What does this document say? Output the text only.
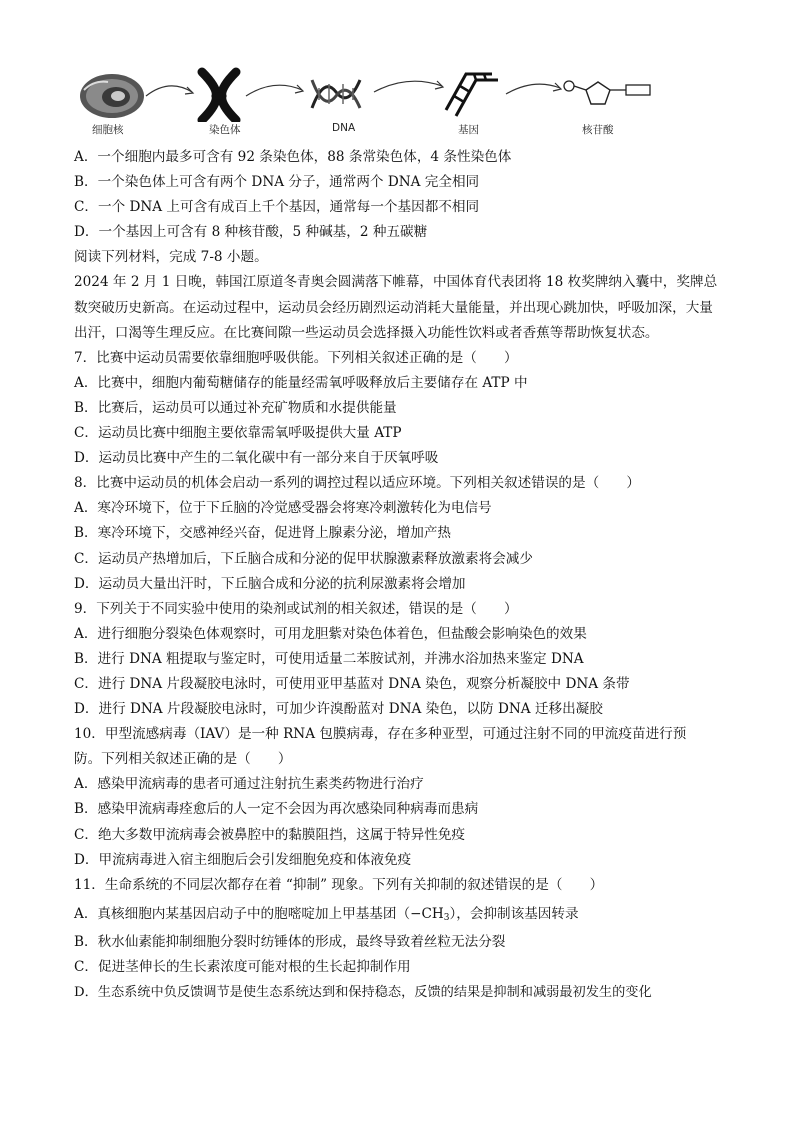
细胞核	染色体	DNA	基因	核苷酸
A．一个细胞内最多可含有 92 条染色体，88 条常染色体，4 条性染色体
B．一个染色体上可含有两个 DNA 分子，通常两个 DNA 完全相同
C．一个 DNA 上可含有成百上千个基因，通常每一个基因都不相同
D．一个基因上可含有 8 种核苷酸，5 种碱基，2 种五碳糖
阅读下列材料，完成 7-8 小题。
2024 年 2 月 1 日晚，韩国江原道冬青奥会圆满落下帷幕，中国体育代表团将 18 枚奖牌纳入囊中，奖牌总数突破历史新高。在运动过程中，运动员会经历剧烈运动消耗大量能量，并出现心跳加快，呼吸加深，大量出汗，口渴等生理反应。在比赛间隙一些运动员会选择摄入功能性饮料或者香蕉等帮助恢复状态。
7．比赛中运动员需要依靠细胞呼吸供能。下列相关叙述正确的是（　　）
A．比赛中，细胞内葡萄糖储存的能量经需氧呼吸释放后主要储存在 ATP 中
B．比赛后，运动员可以通过补充矿物质和水提供能量
C．运动员比赛中细胞主要依靠需氧呼吸提供大量 ATP
D．运动员比赛中产生的二氧化碳中有一部分来自于厌氧呼吸
8．比赛中运动员的机体会启动一系列的调控过程以适应环境。下列相关叙述错误的是（　　）
A．寒冷环境下，位于下丘脑的冷觉感受器会将寒冷刺激转化为电信号
B．寒冷环境下，交感神经兴奋，促进肾上腺素分泌，增加产热
C．运动员产热增加后，下丘脑合成和分泌的促甲状腺激素释放激素将会减少
D．运动员大量出汗时，下丘脑合成和分泌的抗利尿激素将会增加
9．下列关于不同实验中使用的染剂或试剂的相关叙述，错误的是（　　）
A．进行细胞分裂染色体观察时，可用龙胆紫对染色体着色，但盐酸会影响染色的效果
B．进行 DNA 粗提取与鉴定时，可使用适量二苯胺试剂，并沸水浴加热来鉴定 DNA
C．进行 DNA 片段凝胶电泳时，可使用亚甲基蓝对 DNA 染色，观察分析凝胶中 DNA 条带
D．进行 DNA 片段凝胶电泳时，可加少许溴酚蓝对 DNA 染色，以防 DNA 迁移出凝胶
10．甲型流感病毒（IAV）是一种 RNA 包膜病毒，存在多种亚型，可通过注射不同的甲流疫苗进行预
防。下列相关叙述正确的是（　　）
A．感染甲流病毒的患者可通过注射抗生素类药物进行治疗
B．感染甲流病毒痊愈后的人一定不会因为再次感染同种病毒而患病
C．绝大多数甲流病毒会被鼻腔中的黏膜阻挡，这属于特异性免疫
D．甲流病毒进入宿主细胞后会引发细胞免疫和体液免疫
11．生命系统的不同层次都存在着 “抑制” 现象。下列有关抑制的叙述错误的是（　　）
A．真核细胞内某基因启动子中的胞嘧啶加上甲基基团$(-CH_3)$，会抑制该基因转录
B．秋水仙素能抑制细胞分裂时纺锤体的形成，最终导致着丝粒无法分裂
C．促进茎伸长的生长素浓度可能对根的生长起抑制作用
D．生态系统中负反馈调节是使生态系统达到和保持稳态，反馈的结果是抑制和减弱最初发生的变化
